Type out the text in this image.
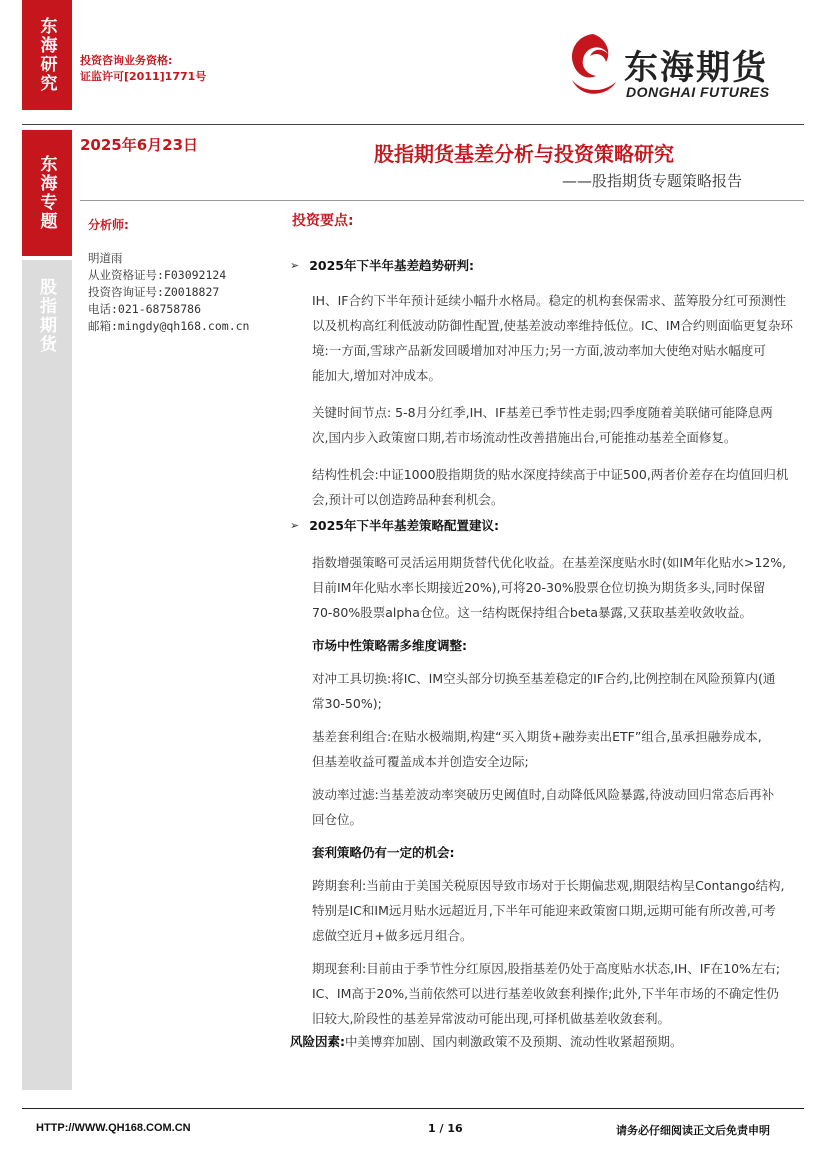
东海研究 投资咨询业务资格:
证监许可[2011]1771号	东海期货
DONGHAI FUTURES
东海专题
股指期货
2025年6月23日	股指期货基差分析与投资策略研究
——股指期货专题策略报告
分析师:
明道雨
从业资格证号:F03092124
投资咨询证号:Z0018827
电话:021-68758786
邮箱:mingdy@qh168.com.cn
投资要点:
➢ 2025年下半年基差趋势研判:

IH、IF合约下半年预计延续小幅升水格局。稳定的机构套保需求、蓝筹股分红可预测性

以及机构高红利低波动防御性配置,使基差波动率维持低位。IC、IM合约则面临更复杂环

境:一方面,雪球产品新发回暖增加对冲压力;另一方面,波动率加大使绝对贴水幅度可

能加大,增加对冲成本。

关键时间节点: 5-8月分红季,IH、IF基差已季节性走弱;四季度随着美联储可能降息两

次,国内步入政策窗口期,若市场流动性改善措施出台,可能推动基差全面修复。

结构性机会:中证1000股指期货的贴水深度持续高于中证500,两者价差存在均值回归机

会,预计可以创造跨品种套利机会。

➢ 2025年下半年基差策略配置建议:

指数增强策略可灵活运用期货替代优化收益。在基差深度贴水时(如IM年化贴水>12%,

目前IM年化贴水率长期接近20%),可将20-30%股票仓位切换为期货多头,同时保留

70-80%股票alpha仓位。这一结构既保持组合beta暴露,又获取基差收敛收益。

市场中性策略需多维度调整:

对冲工具切换:将IC、IM空头部分切换至基差稳定的IF合约,比例控制在风险预算内(通

常30-50%);

基差套利组合:在贴水极端期,构建“买入期货+融券卖出ETF”组合,虽承担融券成本,

但基差收益可覆盖成本并创造安全边际;

波动率过滤:当基差波动率突破历史阈值时,自动降低风险暴露,待波动回归常态后再补

回仓位。

套利策略仍有一定的机会:

跨期套利:当前由于美国关税原因导致市场对于长期偏悲观,期限结构呈Contango结构,

特别是IC和IM远月贴水远超近月,下半年可能迎来政策窗口期,远期可能有所改善,可考

虑做空近月+做多远月组合。

期现套利:目前由于季节性分红原因,股指基差仍处于高度贴水状态,IH、IF在10%左右;

IC、IM高于20%,当前依然可以进行基差收敛套利操作;此外,下半年市场的不确定性仍

旧较大,阶段性的基差异常波动可能出现,可择机做基差收敛套利。

风险因素:中美博弈加剧、国内刺激政策不及预期、流动性收紧超预期。
HTTP://WWW.QH168.COM.CN	1 / 16	请务必仔细阅读正文后免责申明
